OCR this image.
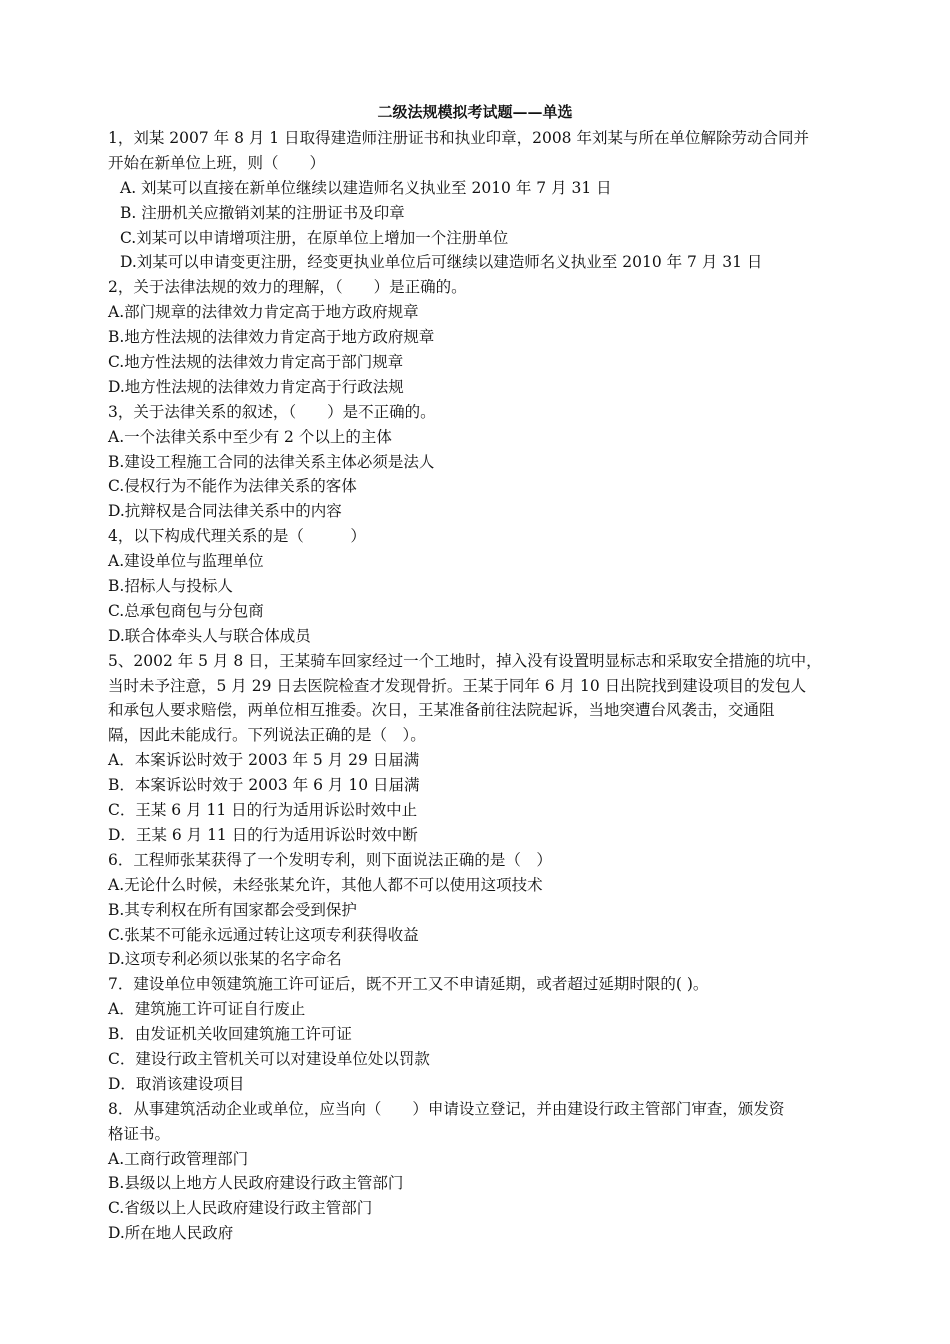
二级法规模拟考试题——单选
1，刘某 2007 年 8 月 1 日取得建造师注册证书和执业印章，2008 年刘某与所在单位解除劳动合同并
开始在新单位上班，则（　　）
A. 刘某可以直接在新单位继续以建造师名义执业至 2010 年 7 月 31 日
B. 注册机关应撤销刘某的注册证书及印章
C.刘某可以申请增项注册，在原单位上增加一个注册单位
D.刘某可以申请变更注册，经变更执业单位后可继续以建造师名义执业至 2010 年 7 月 31 日
2，关于法律法规的效力的理解，（　　）是正确的。
A.部门规章的法律效力肯定高于地方政府规章
B.地方性法规的法律效力肯定高于地方政府规章
C.地方性法规的法律效力肯定高于部门规章
D.地方性法规的法律效力肯定高于行政法规
3，关于法律关系的叙述，（　　）是不正确的。
A.一个法律关系中至少有 2 个以上的主体
B.建设工程施工合同的法律关系主体必须是法人
C.侵权行为不能作为法律关系的客体
D.抗辩权是合同法律关系中的内容
4，以下构成代理关系的是（　　　）
A.建设单位与监理单位
B.招标人与投标人
C.总承包商包与分包商
D.联合体牵头人与联合体成员
5、2002 年 5 月 8 日，王某骑车回家经过一个工地时，掉入没有设置明显标志和采取安全措施的坑中，
当时未予注意，5 月 29 日去医院检查才发现骨折。王某于同年 6 月 10 日出院找到建设项目的发包人
和承包人要求赔偿，两单位相互推委。次日，王某准备前往法院起诉，当地突遭台风袭击，交通阻
隔，因此未能成行。下列说法正确的是（　）。
A．本案诉讼时效于 2003 年 5 月 29 日届满
B．本案诉讼时效于 2003 年 6 月 10 日届满
C．王某 6 月 11 日的行为适用诉讼时效中止
D．王某 6 月 11 日的行为适用诉讼时效中断
6．工程师张某获得了一个发明专利，则下面说法正确的是（　）
A.无论什么时候，未经张某允许，其他人都不可以使用这项技术
B.其专利权在所有国家都会受到保护
C.张某不可能永远通过转让这项专利获得收益
D.这项专利必须以张某的名字命名
7．建设单位申领建筑施工许可证后，既不开工又不申请延期，或者超过延期时限的( )。
A．建筑施工许可证自行废止
B．由发证机关收回建筑施工许可证
C．建设行政主管机关可以对建设单位处以罚款
D．取消该建设项目
8．从事建筑活动企业或单位，应当向（　　）申请设立登记，并由建设行政主管部门审查，颁发资
格证书。
A.工商行政管理部门
B.县级以上地方人民政府建设行政主管部门
C.省级以上人民政府建设行政主管部门
D.所在地人民政府
